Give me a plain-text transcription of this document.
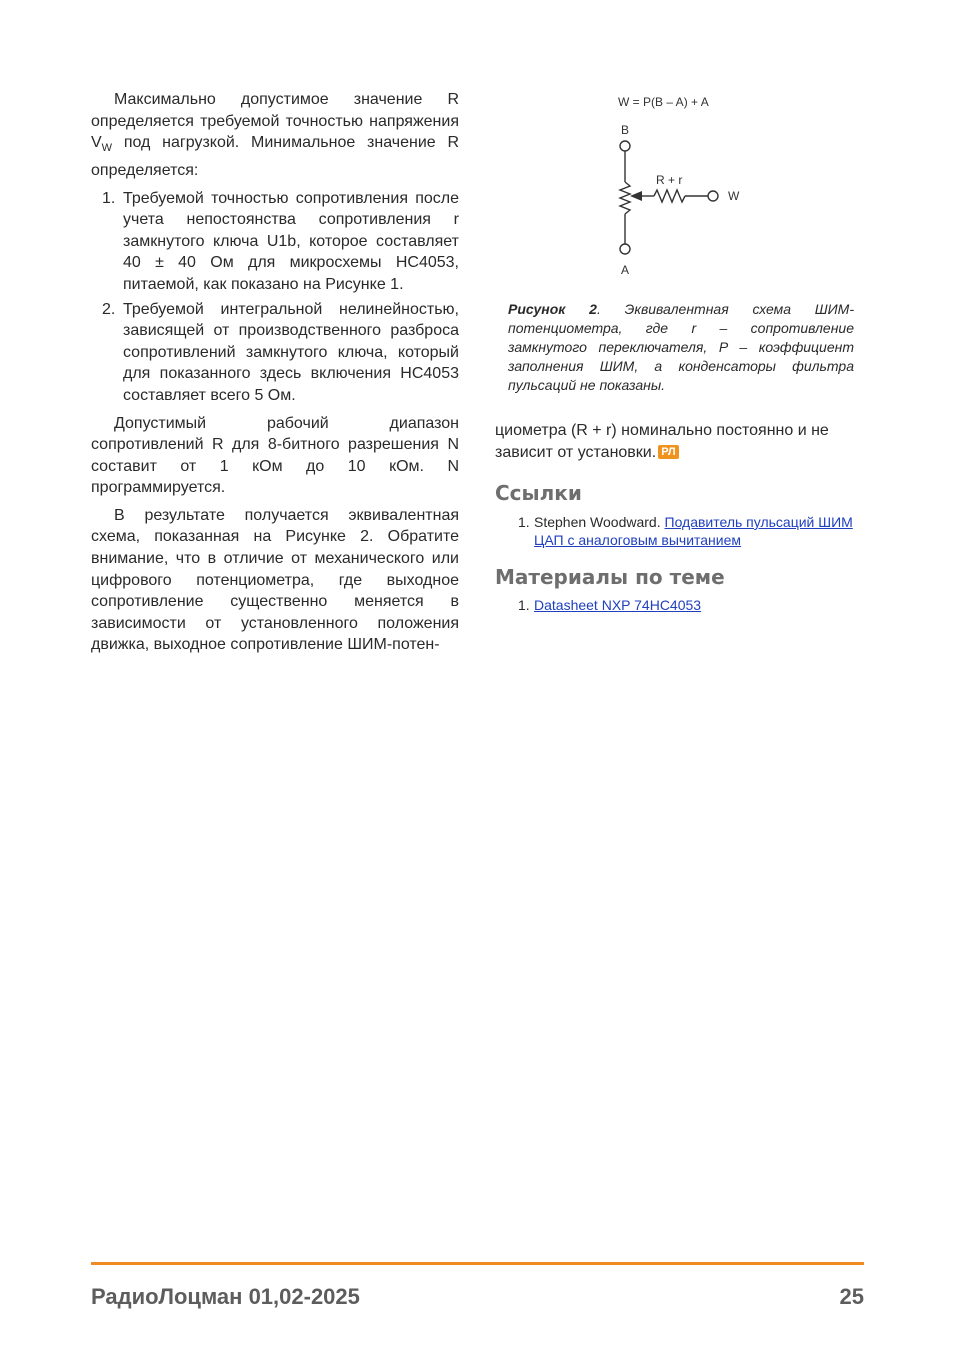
Максимально допустимое значение R определяется требуемой точностью напряжения $V_W$ под нагрузкой. Минимальное значение R определяется:

1. Требуемой точностью сопротивления после учета непостоянства сопротивления r замкнутого ключа U1b, которое составляет 40 ± 40 Ом для микросхемы HC4053, питаемой, как показано на Рисунке 1.
2. Требуемой интегральной нелинейностью, зависящей от производственного разброса сопротивлений замкнутого ключа, который для показанного здесь включения HC4053 составляет всего 5 Ом.

Допустимый рабочий диапазон сопротивлений R для 8-битного разрешения N составит от 1 кОм до 10 кОм. N программируется.

В результате получается эквивалентная схема, показанная на Рисунке 2. Обратите внимание, что в отличие от механического или цифрового потенциометра, где выходное сопротивление существенно меняется в зависимости от установленного положения движка, выходное сопротивление ШИМ-потен-

W = P(B – A) + A
B
A
R + r
W
Рисунок 2. Эквивалентная схема ШИМ-потенциометра, где r – сопротивление замкнутого переключателя, P – коэффициент заполнения ШИМ, а конденсаторы фильтра пульсаций не показаны.

циометра (R + r) номинально постоянно и не зависит от установки. РЛ

Ссылки
1. Stephen Woodward. Подавитель пульсаций ШИМ ЦАП с аналоговым вычитанием
Материалы по теме
1. Datasheet NXP 74HC4053
РадиоЛоцман 01,02-2025	25
